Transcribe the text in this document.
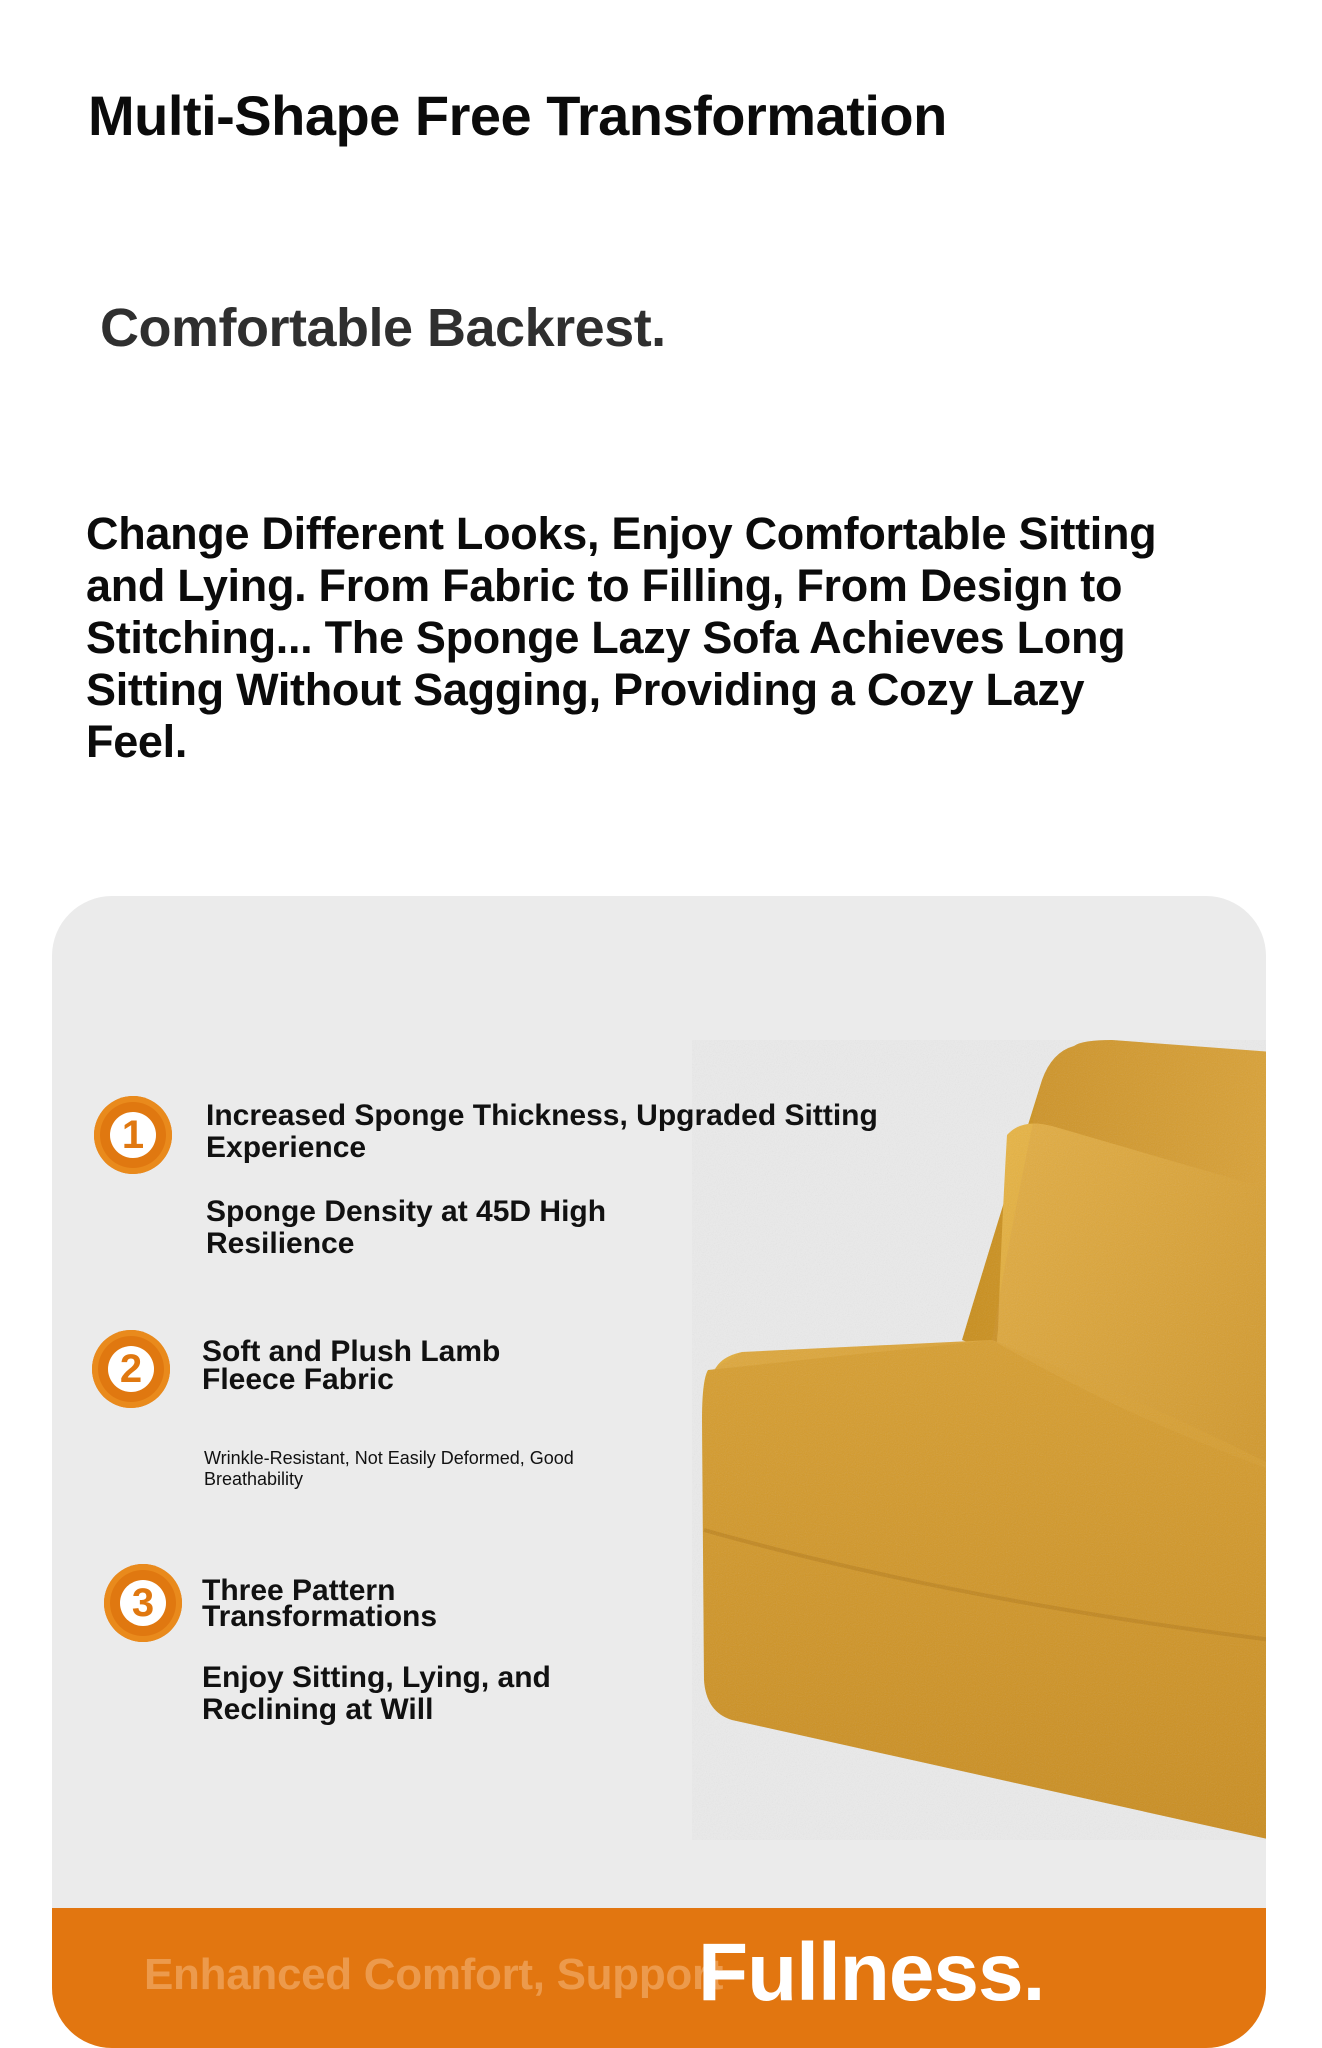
Multi-Shape Free Transformation
Comfortable Backrest.
Change Different Looks, Enjoy Comfortable Sitting and Lying. From Fabric to Filling, From Design to Stitching... The Sponge Lazy Sofa Achieves Long Sitting Without Sagging, Providing a Cozy Lazy Feel.
1	Increased Sponge Thickness, Upgraded Sitting Experience
Sponge Density at 45D High Resilience
2	Soft and Plush Lamb Fleece Fabric
Wrinkle-Resistant, Not Easily Deformed, Good Breathability
3	Three Pattern Transformations
Enjoy Sitting, Lying, and Reclining at Will
Enhanced Comfort, Support
Fullness.
